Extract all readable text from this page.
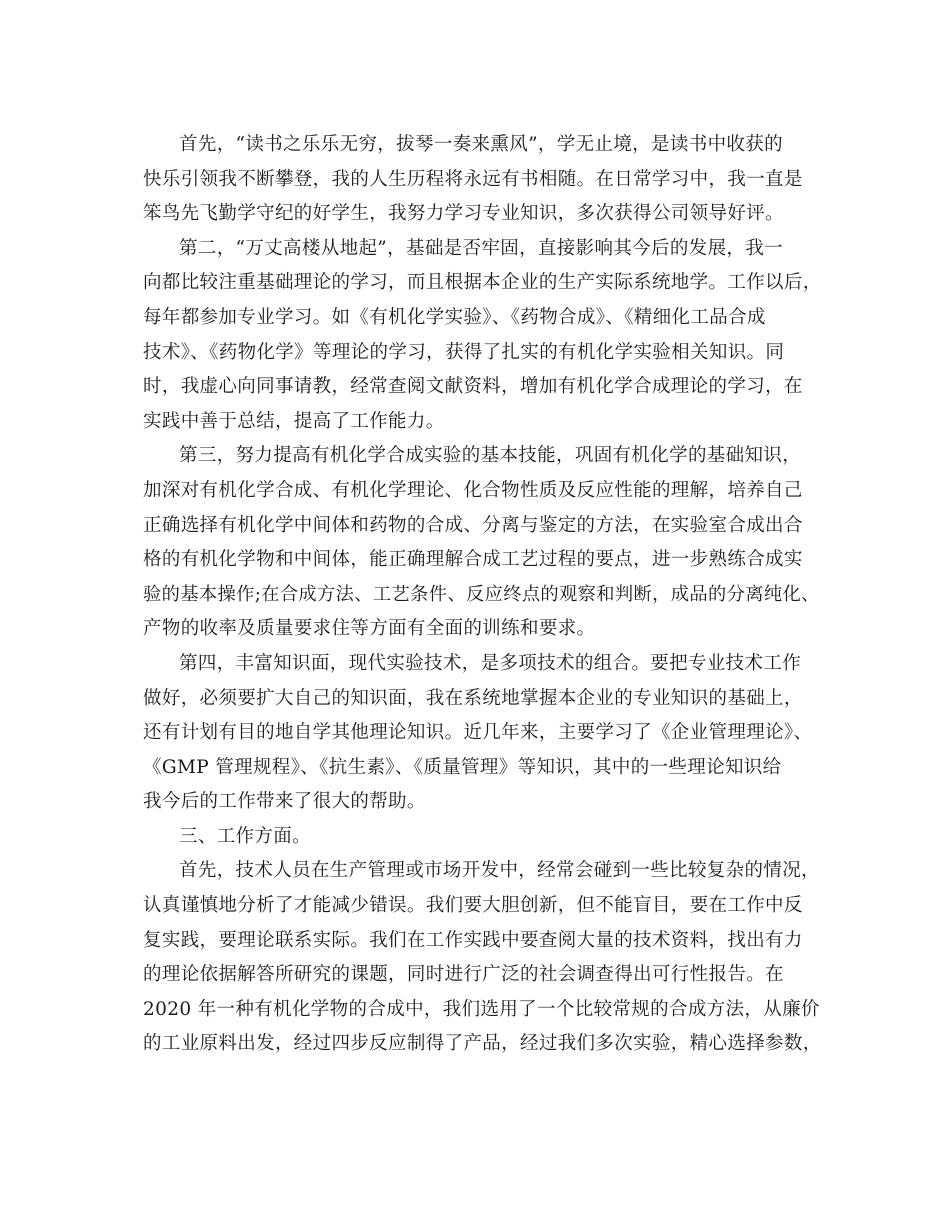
首先，“读书之乐乐无穷，拔琴一奏来熏风”，学无止境，是读书中收获的
快乐引领我不断攀登，我的人生历程将永远有书相随。在日常学习中，我一直是
笨鸟先飞勤学守纪的好学生，我努力学习专业知识，多次获得公司领导好评。
第二，“万丈高楼从地起”，基础是否牢固，直接影响其今后的发展，我一
向都比较注重基础理论的学习，而且根据本企业的生产实际系统地学。工作以后，
每年都参加专业学习。如《有机化学实验》、《药物合成》、《精细化工品合成
技术》、《药物化学》等理论的学习，获得了扎实的有机化学实验相关知识。同
时，我虚心向同事请教，经常查阅文献资料，增加有机化学合成理论的学习，在
实践中善于总结，提高了工作能力。
第三，努力提高有机化学合成实验的基本技能，巩固有机化学的基础知识，
加深对有机化学合成、有机化学理论、化合物性质及反应性能的理解，培养自己
正确选择有机化学中间体和药物的合成、分离与鉴定的方法，在实验室合成出合
格的有机化学物和中间体，能正确理解合成工艺过程的要点，进一步熟练合成实
验的基本操作;在合成方法、工艺条件、反应终点的观察和判断，成品的分离纯化、
产物的收率及质量要求住等方面有全面的训练和要求。
第四，丰富知识面，现代实验技术，是多项技术的组合。要把专业技术工作
做好，必须要扩大自己的知识面，我在系统地掌握本企业的专业知识的基础上，
还有计划有目的地自学其他理论知识。近几年来，主要学习了《企业管理理论》、
《GMP 管理规程》、《抗生素》、《质量管理》等知识，其中的一些理论知识给
我今后的工作带来了很大的帮助。
三、工作方面。
首先，技术人员在生产管理或市场开发中，经常会碰到一些比较复杂的情况，
认真谨慎地分析了才能减少错误。我们要大胆创新，但不能盲目，要在工作中反
复实践，要理论联系实际。我们在工作实践中要查阅大量的技术资料，找出有力
的理论依据解答所研究的课题，同时进行广泛的社会调查得出可行性报告。在
2020 年一种有机化学物的合成中，我们选用了一个比较常规的合成方法，从廉价
的工业原料出发，经过四步反应制得了产品，经过我们多次实验，精心选择参数，
